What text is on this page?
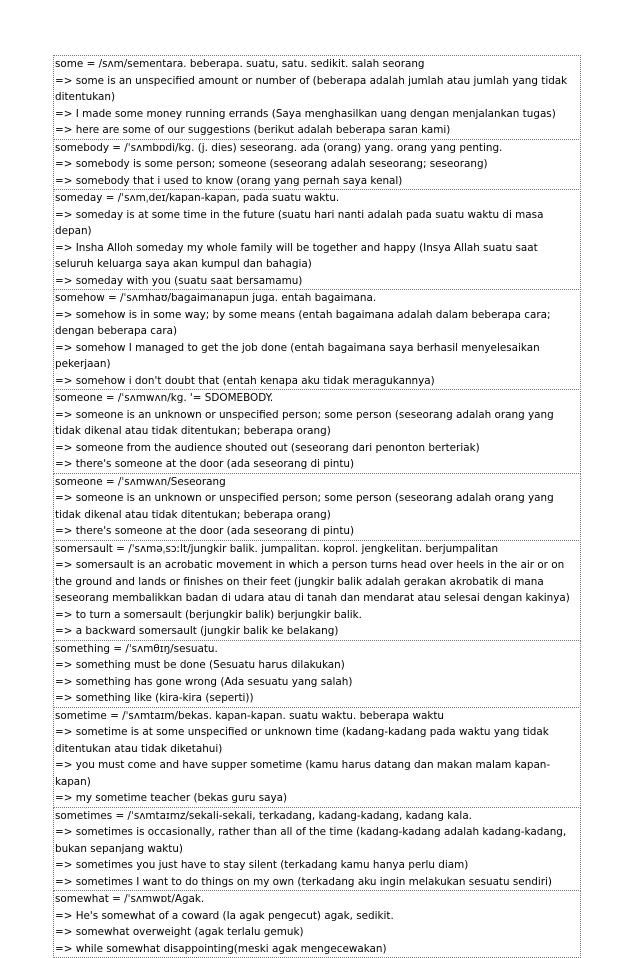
some = /sʌm/sementara. beberapa. suatu, satu. sedikit. salah seorang

=> some is an unspecified amount or number of (beberapa adalah jumlah atau jumlah yang tidak ditentukan)

=> I made some money running errands (Saya menghasilkan uang dengan menjalankan tugas)

=> here are some of our suggestions (berikut adalah beberapa saran kami)

somebody = /ˈsʌmbɒdi/kg. (j. dies) seseorang. ada (orang) yang. orang yang penting.

=> somebody is some person; someone (seseorang adalah seseorang; seseorang)

=> somebody that i used to know (orang yang pernah saya kenal)

someday = /ˈsʌmˌdeɪ/kapan-kapan, pada suatu waktu.

=> someday is at some time in the future (suatu hari nanti adalah pada suatu waktu di masa depan)

=> Insha Alloh someday my whole family will be together and happy (Insya Allah suatu saat seluruh keluarga saya akan kumpul dan bahagia)

=> someday with you (suatu saat bersamamu)

somehow = /ˈsʌmhaʊ/bagaimanapun juga. entah bagaimana.

=> somehow is in some way; by some means (entah bagaimana adalah dalam beberapa cara; dengan beberapa cara)

=> somehow I managed to get the job done (entah bagaimana saya berhasil menyelesaikan pekerjaan)

=> somehow i don't doubt that (entah kenapa aku tidak meragukannya)

someone = /ˈsʌmwʌn/kg. '= SDOMEBODY.

=> someone is an unknown or unspecified person; some person (seseorang adalah orang yang tidak dikenal atau tidak ditentukan; beberapa orang)

=> someone from the audience shouted out (seseorang dari penonton berteriak)

=> there's someone at the door (ada seseorang di pintu)

someone = /ˈsʌmwʌn/Seseorang

=> someone is an unknown or unspecified person; some person (seseorang adalah orang yang tidak dikenal atau tidak ditentukan; beberapa orang)

=> there's someone at the door (ada seseorang di pintu)

somersault = /ˈsʌməˌsɔːlt/jungkir balik. jumpalitan. koprol. jengkelitan. berjumpalitan

=> somersault is an acrobatic movement in which a person turns head over heels in the air or on the ground and lands or finishes on their feet (jungkir balik adalah gerakan akrobatik di mana seseorang membalikkan badan di udara atau di tanah dan mendarat atau selesai dengan kakinya)

=> to turn a somersault (berjungkir balik) berjungkir balik.

=> a backward somersault (jungkir balik ke belakang)

something = /ˈsʌmθɪŋ/sesuatu.

=> something must be done (Sesuatu harus dilakukan)

=> something has gone wrong (Ada sesuatu yang salah)

=> something like (kira-kira (seperti))

sometime = /ˈsʌmtaɪm/bekas. kapan-kapan. suatu waktu. beberapa waktu

=> sometime is at some unspecified or unknown time (kadang-kadang pada waktu yang tidak ditentukan atau tidak diketahui)

=> you must come and have supper sometime (kamu harus datang dan makan malam kapan-kapan)

=> my sometime teacher (bekas guru saya)

sometimes = /ˈsʌmtaɪmz/sekali-sekali, terkadang, kadang-kadang, kadang kala.

=> sometimes is occasionally, rather than all of the time (kadang-kadang adalah kadang-kadang, bukan sepanjang waktu)

=> sometimes you just have to stay silent (terkadang kamu hanya perlu diam)

=> sometimes I want to do things on my own (terkadang aku ingin melakukan sesuatu sendiri)

somewhat = /ˈsʌmwɒt/Agak.

=> He's somewhat of a coward (Ia agak pengecut) agak, sedikit.

=> somewhat overweight (agak terlalu gemuk)

=> while somewhat disappointing(meski agak mengecewakan)
